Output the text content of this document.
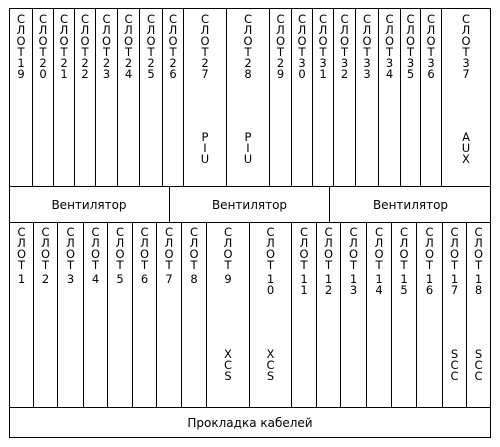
С
Л
О
Т
1
9
С
Л
О
Т
2
0
С
Л
О
Т
2
1
С
Л
О
Т
2
2
С
Л
О
Т
2
3
С
Л
О
Т
2
4
С
Л
О
Т
2
5
С
Л
О
Т
2
6
С
Л
О
Т
2
7
P
I
U
С
Л
О
Т
2
8
P
I
U
С
Л
О
Т
2
9
С
Л
О
Т
3
0
С
Л
О
Т
3
1
С
Л
О
Т
3
2
С
Л
О
Т
3
3
С
Л
О
Т
3
4
С
Л
О
Т
3
5
С
Л
О
Т
3
6
С
Л
О
Т
3
7
A
U
X
Вентилятор	Вентилятор	Вентилятор
С
Л
О
Т
1
С
Л
О
Т
2
С
Л
О
Т
3
С
Л
О
Т
4
С
Л
О
Т
5
С
Л
О
Т
6
С
Л
О
Т
7
С
Л
О
Т
8
С
Л
О
Т
9
X
C
S
С
Л
О
Т
1
0
X
C
S
С
Л
О
Т
1
1
С
Л
О
Т
1
2
С
Л
О
Т
1
3
С
Л
О
Т
1
4
С
Л
О
Т
1
5
С
Л
О
Т
1
6
С
Л
О
Т
1
7
S
C
C
С
Л
О
Т
1
8
S
C
C
Прокладка кабелей
